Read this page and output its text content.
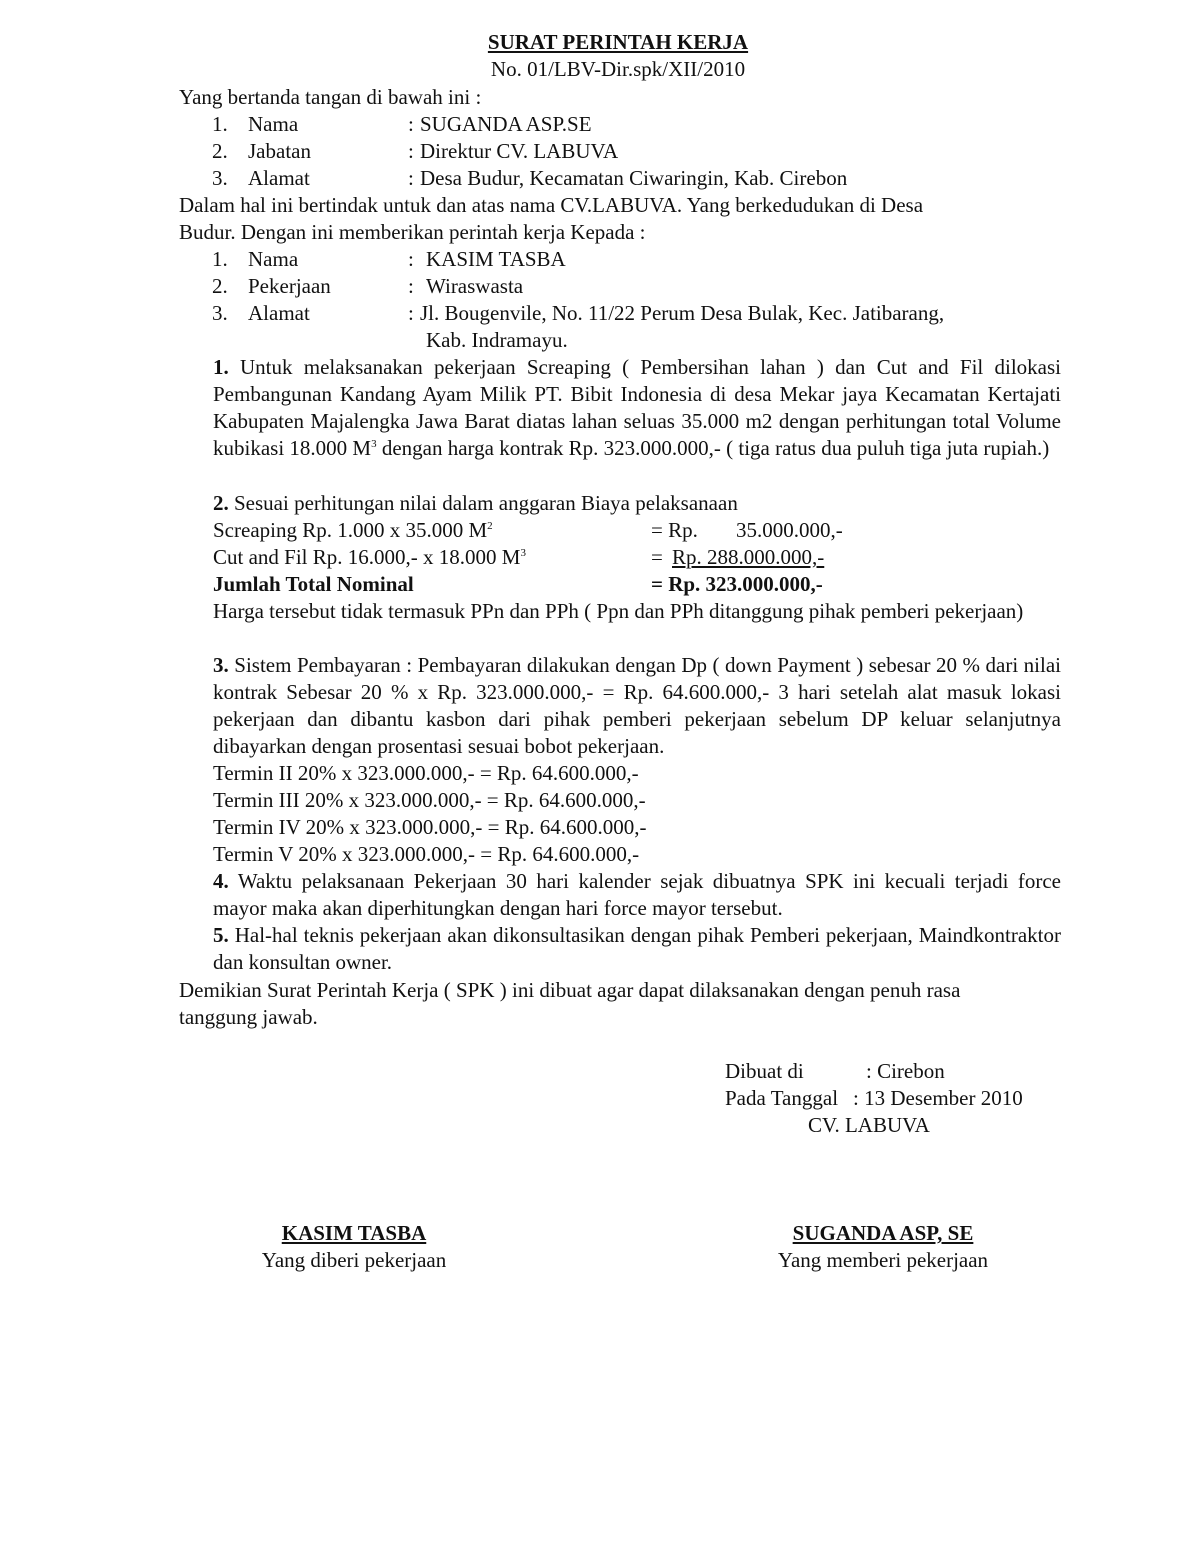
SURAT PERINTAH KERJA
No. 01/LBV-Dir.spk/XII/2010
Yang bertanda tangan di bawah ini :
1. Nama	: SUGANDA ASP.SE
2. Jabatan	: Direktur CV. LABUVA
3. Alamat	: Desa Budur, Kecamatan Ciwaringin, Kab. Cirebon
Dalam hal ini bertindak untuk dan atas nama CV.LABUVA. Yang berkedudukan di Desa
Budur. Dengan ini memberikan perintah kerja Kepada :
1. Nama	: KASIM TASBA
2. Pekerjaan	: Wiraswasta
3. Alamat	: Jl. Bougenvile, No. 11/22 Perum Desa Bulak, Kec. Jatibarang,
Kab. Indramayu.

1. Untuk melaksanakan pekerjaan Screaping ( Pembersihan lahan ) dan Cut and Fil dilokasi Pembangunan Kandang Ayam Milik PT. Bibit Indonesia di desa Mekar jaya Kecamatan Kertajati Kabupaten Majalengka Jawa Barat diatas lahan seluas 35.000 m2 dengan perhitungan total Volume kubikasi 18.000 $M^3$ dengan harga kontrak Rp. 323.000.000,- ( tiga ratus dua puluh tiga juta rupiah.)

2. Sesuai perhitungan nilai dalam anggaran Biaya pelaksanaan
Screaping Rp. 1.000 x 35.000 $M^2$	= Rp. 35.000.000,-
Cut and Fil Rp. 16.000,- x 18.000 $M^3$	= Rp. 288.000.000,-
Jumlah Total Nominal	= Rp. 323.000.000,-

Harga tersebut tidak termasuk PPn dan PPh ( Ppn dan PPh ditanggung pihak pemberi pekerjaan)

3. Sistem Pembayaran : Pembayaran dilakukan dengan Dp ( down Payment ) sebesar 20 % dari nilai kontrak Sebesar 20 % x Rp. 323.000.000,- = Rp. 64.600.000,- 3 hari setelah alat masuk lokasi pekerjaan dan dibantu kasbon dari pihak pemberi pekerjaan sebelum DP keluar selanjutnya dibayarkan dengan prosentasi sesuai bobot pekerjaan.

Termin II 20% x 323.000.000,- = Rp. 64.600.000,-
Termin III 20% x 323.000.000,- = Rp. 64.600.000,-
Termin IV 20% x 323.000.000,- = Rp. 64.600.000,-
Termin V 20% x 323.000.000,- = Rp. 64.600.000,-

4. Waktu pelaksanaan Pekerjaan 30 hari kalender sejak dibuatnya SPK ini kecuali terjadi force mayor maka akan diperhitungkan dengan hari force mayor tersebut.

5. Hal-hal teknis pekerjaan akan dikonsultasikan dengan pihak Pemberi pekerjaan, Maindkontraktor dan konsultan owner.

Demikian Surat Perintah Kerja ( SPK ) ini dibuat agar dapat dilaksanakan dengan penuh rasa
tanggung jawab.
Dibuat di	: Cirebon
Pada Tanggal : 13 Desember 2010
CV. LABUVA
KASIM TASBA
Yang diberi pekerjaan
SUGANDA ASP, SE
Yang memberi pekerjaan
